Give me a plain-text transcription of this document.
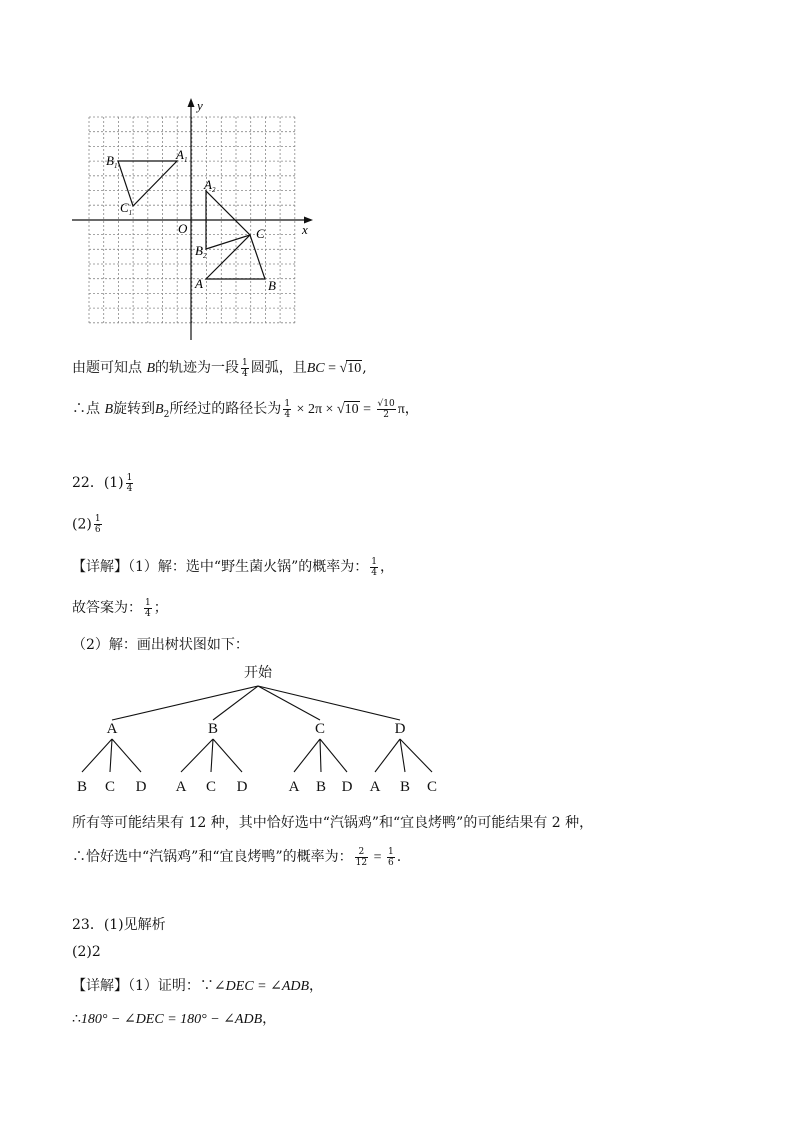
y
x
O
A	B
C
$A_1$
$B_1$
$C_1$
$A_2$
$B_2$
由题可知点 B的轨迹为一段 $\frac{1}{4}$ 圆弧，且BC = √10,
∴点 B旋转到$B_2$所经过的路径长为 $\frac{1}{4} \times 2\pi \times √10 = \frac{√10}{2}$ π，
22．$(1) \frac{1}{4}$
$(2) \frac{1}{6}$
【详解】（1）解：选中“野生菌火锅”的概率为： $\frac{1}{4}$ ，
故答案为： $\frac{1}{4}$ ；
（2）解：画出树状图如下：
开始
A
B C D
B
A C D
C
A B D
D
A B C
所有等可能结果有 12 种，其中恰好选中“汽锅鸡”和“宜良烤鸭”的可能结果有 2 种，
∴恰好选中“汽锅鸡”和“宜良烤鸭”的概率为： $\frac{2}{12} = \frac{1}{6}$ .
23．(1)见解析
(2)2
【详解】（1）证明：∵∠DEC = ∠ADB，
∴180° − ∠DEC = 180° − ∠ADB，
